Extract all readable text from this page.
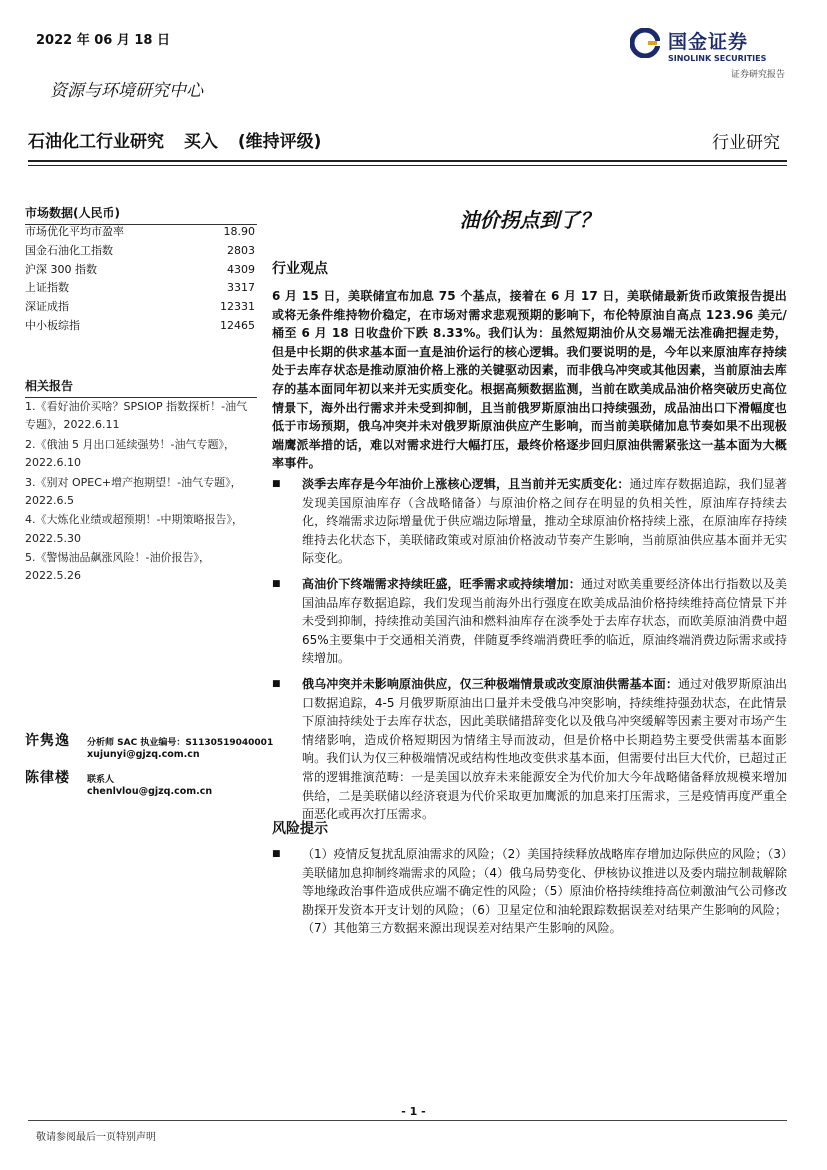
2022 年 06 月 18 日
资源与环境研究中心
石油化工行业研究 买入 (维持评级)	行业研究
国金证券
SINOLINK SECURITIES
证券研究报告
市场数据(人民币)
市场优化平均市盈率	18.90
国金石油化工指数	2803
沪深 300 指数	4309
上证指数	3317
深证成指	12331
中小板综指	12465
相关报告
1.《看好油价买啥？SPSIOP 指数探析！-油气专题》，2022.6.11
2.《俄油 5 月出口延续强势！-油气专题》，2022.6.10
3.《别对 OPEC+增产抱期望！-油气专题》，2022.6.5
4.《大炼化业绩或超预期！-中期策略报告》，2022.5.30
5.《警惕油品飙涨风险！-油价报告》，2022.5.26
许隽逸 分析师 SAC 执业编号：S1130519040001
xujunyi@gjzq.com.cn
陈律楼 联系人
chenlvlou@gjzq.com.cn
油价拐点到了？
行业观点
6 月 15 日，美联储宣布加息 75 个基点，接着在 6 月 17 日，美联储最新货币政策报告提出或将无条件维持物价稳定，在市场对需求悲观预期的影响下，布伦特原油自高点 123.96 美元/桶至 6 月 18 日收盘价下跌 8.33%。我们认为：虽然短期油价从交易端无法准确把握走势，但是中长期的供求基本面一直是油价运行的核心逻辑。我们要说明的是，今年以来原油库存持续处于去库存状态是推动原油价格上涨的关键驱动因素，而非俄乌冲突或其他因素，当前原油去库存的基本面同年初以来并无实质变化。根据高频数据监测，当前在欧美成品油价格突破历史高位情景下，海外出行需求并未受到抑制，且当前俄罗斯原油出口持续强劲，成品油出口下滑幅度也低于市场预期，俄乌冲突并未对俄罗斯原油供应产生影响，而当前美联储加息节奏如果不出现极端鹰派举措的话，难以对需求进行大幅打压，最终价格逐步回归原油供需紧张这一基本面为大概率事件。
■ 淡季去库存是今年油价上涨核心逻辑，且当前并无实质变化：通过库存数据追踪，我们显著发现美国原油库存（含战略储备）与原油价格之间存在明显的负相关性，原油库存持续去化，终端需求边际增量优于供应端边际增量，推动全球原油价格持续上涨，在原油库存持续维持去化状态下，美联储政策或对原油价格波动节奏产生影响，当前原油供应基本面并无实际变化。
■ 高油价下终端需求持续旺盛，旺季需求或持续增加：通过对欧美重要经济体出行指数以及美国油品库存数据追踪，我们发现当前海外出行强度在欧美成品油价格持续维持高位情景下并未受到抑制，持续推动美国汽油和燃料油库存在淡季处于去库存状态，而欧美原油消费中超 65%主要集中于交通相关消费，伴随夏季终端消费旺季的临近，原油终端消费边际需求或持续增加。
■ 俄乌冲突并未影响原油供应，仅三种极端情景或改变原油供需基本面：通过对俄罗斯原油出口数据追踪，4-5 月俄罗斯原油出口量并未受俄乌冲突影响，持续维持强劲状态，在此情景下原油持续处于去库存状态，因此美联储措辞变化以及俄乌冲突缓解等因素主要对市场产生情绪影响，造成价格短期因为情绪主导而波动，但是价格中长期趋势主要受供需基本面影响。我们认为仅三种极端情况或结构性地改变供求基本面，但需要付出巨大代价，已超过正常的逻辑推演范畴：一是美国以放弃未来能源安全为代价加大今年战略储备释放规模来增加供给，二是美联储以经济衰退为代价采取更加鹰派的加息来打压需求，三是疫情再度严重全面恶化或再次打压需求。
风险提示
■ （1）疫情反复扰乱原油需求的风险；（2）美国持续释放战略库存增加边际供应的风险；（3）美联储加息抑制终端需求的风险；（4）俄乌局势变化、伊核协议推进以及委内瑞拉制裁解除等地缘政治事件造成供应端不确定性的风险；（5）原油价格持续维持高位刺激油气公司修改勘探开发资本开支计划的风险；（6）卫星定位和油轮跟踪数据误差对结果产生影响的风险；（7）其他第三方数据来源出现误差对结果产生影响的风险。
- 1 -
敬请参阅最后一页特别声明
